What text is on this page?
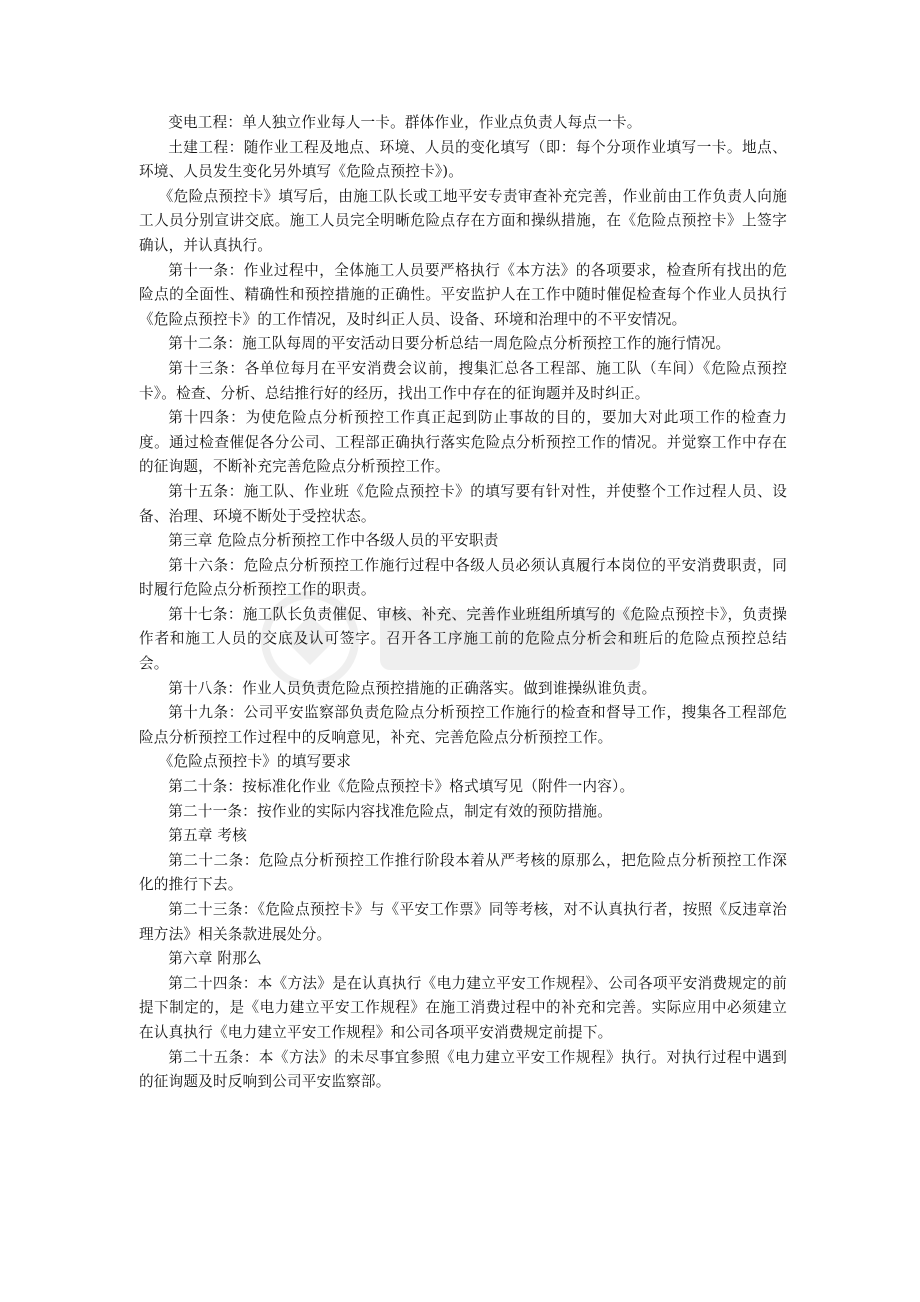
变电工程：单人独立作业每人一卡。群体作业，作业点负责人每点一卡。

土建工程：随作业工程及地点、环境、人员的变化填写（即：每个分项作业填写一卡。地点、环境、人员发生变化另外填写《危险点预控卡》)。

《危险点预控卡》填写后，由施工队长或工地平安专责审查补充完善，作业前由工作负责人向施工人员分别宣讲交底。施工人员完全明晰危险点存在方面和操纵措施，在《危险点预控卡》上签字确认，并认真执行。

第十一条：作业过程中，全体施工人员要严格执行《本方法》的各项要求，检查所有找出的危险点的全面性、精确性和预控措施的正确性。平安监护人在工作中随时催促检查每个作业人员执行《危险点预控卡》的工作情况，及时纠正人员、设备、环境和治理中的不平安情况。

第十二条：施工队每周的平安活动日要分析总结一周危险点分析预控工作的施行情况。

第十三条：各单位每月在平安消费会议前，搜集汇总各工程部、施工队（车间）《危险点预控卡》。检查、分析、总结推行好的经历，找出工作中存在的征询题并及时纠正。

第十四条：为使危险点分析预控工作真正起到防止事故的目的，要加大对此项工作的检查力度。通过检查催促各分公司、工程部正确执行落实危险点分析预控工作的情况。并觉察工作中存在的征询题，不断补充完善危险点分析预控工作。

第十五条：施工队、作业班《危险点预控卡》的填写要有针对性，并使整个工作过程人员、设备、治理、环境不断处于受控状态。

第三章 危险点分析预控工作中各级人员的平安职责

第十六条：危险点分析预控工作施行过程中各级人员必须认真履行本岗位的平安消费职责，同时履行危险点分析预控工作的职责。

第十七条：施工队长负责催促、审核、补充、完善作业班组所填写的《危险点预控卡》，负责操作者和施工人员的交底及认可签字。召开各工序施工前的危险点分析会和班后的危险点预控总结会。

第十八条：作业人员负责危险点预控措施的正确落实。做到谁操纵谁负责。

第十九条：公司平安监察部负责危险点分析预控工作施行的检查和督导工作，搜集各工程部危险点分析预控工作过程中的反响意见，补充、完善危险点分析预控工作。

《危险点预控卡》的填写要求

第二十条：按标准化作业《危险点预控卡》格式填写见（附件一内容）。

第二十一条：按作业的实际内容找准危险点，制定有效的预防措施。

第五章 考核

第二十二条：危险点分析预控工作推行阶段本着从严考核的原那么，把危险点分析预控工作深化的推行下去。

第二十三条：《危险点预控卡》与《平安工作票》同等考核，对不认真执行者，按照《反违章治理方法》相关条款进展处分。

第六章 附那么

第二十四条：本《方法》是在认真执行《电力建立平安工作规程》、公司各项平安消费规定的前提下制定的，是《电力建立平安工作规程》在施工消费过程中的补充和完善。实际应用中必须建立在认真执行《电力建立平安工作规程》和公司各项平安消费规定前提下。

第二十五条：本《方法》的未尽事宜参照《电力建立平安工作规程》执行。对执行过程中遇到的征询题及时反响到公司平安监察部。
